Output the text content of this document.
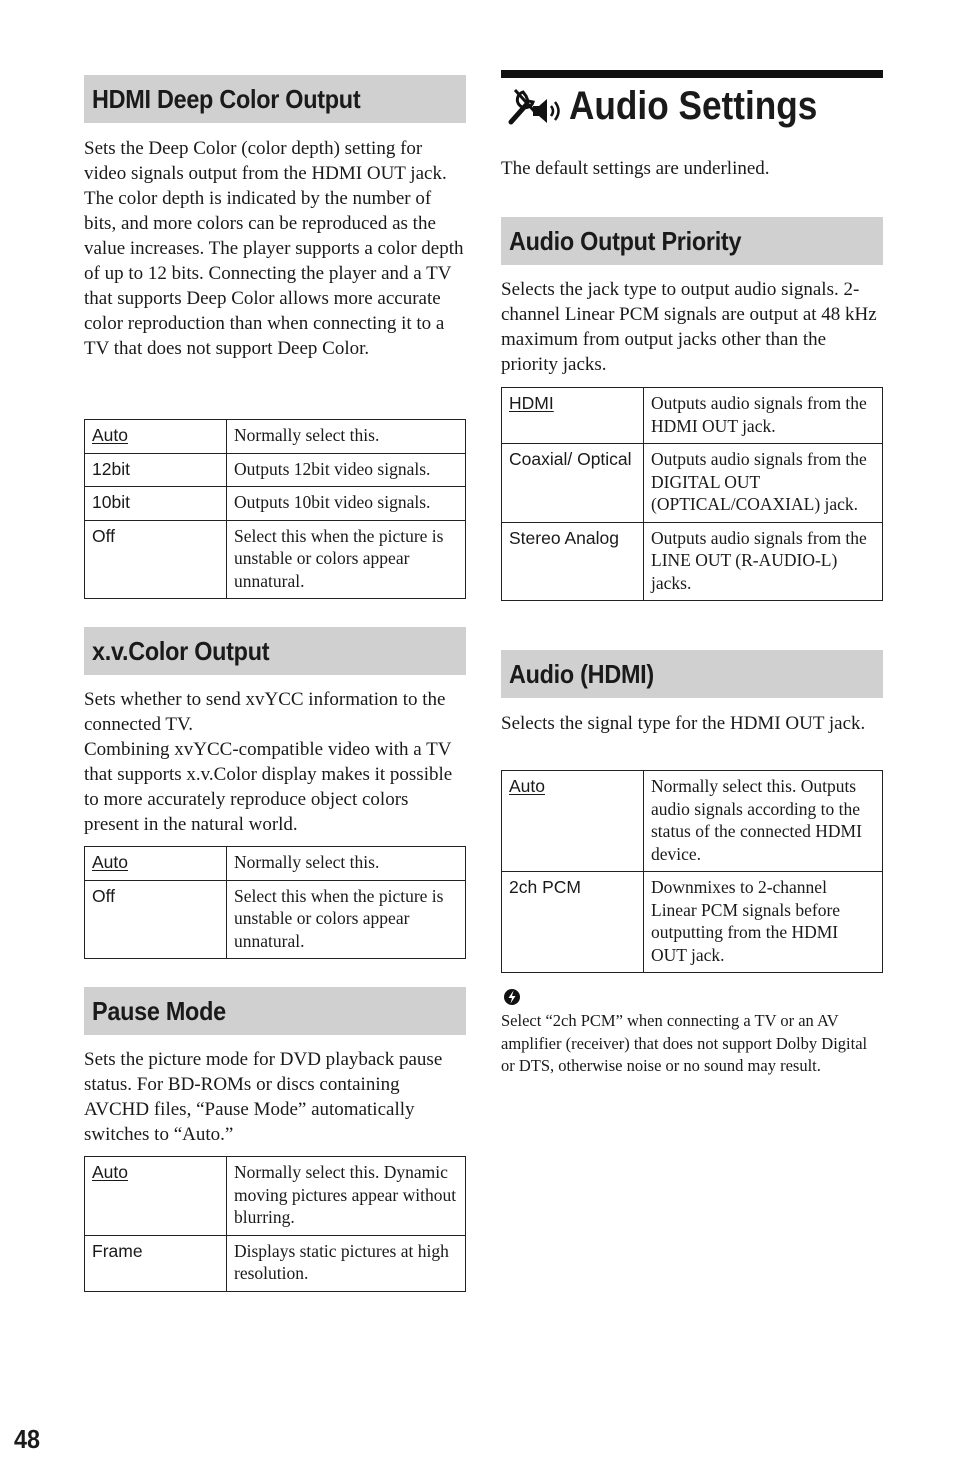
HDMI Deep Color Output

Sets the Deep Color (color depth) setting for video signals output from the HDMI OUT jack.

The color depth is indicated by the number of bits, and more colors can be reproduced as the value increases. The player supports a color depth of up to 12 bits. Connecting the player and a TV that supports Deep Color allows more accurate color reproduction than when connecting it to a TV that does not support Deep Color.

Auto	Normally select this.
12bit	Outputs 12bit video signals.
10bit	Outputs 10bit video signals.
Off	Select this when the picture is unstable or colors appear unnatural.
x.v.Color Output

Sets whether to send xvYCC information to the connected TV.

Combining xvYCC-compatible video with a TV that supports x.v.Color display makes it possible to more accurately reproduce object colors present in the natural world.

Auto	Normally select this.
Off	Select this when the picture is unstable or colors appear unnatural.
Pause Mode

Sets the picture mode for DVD playback pause status. For BD-ROMs or discs containing AVCHD files, “Pause Mode” automatically switches to “Auto.”

Auto	Normally select this. Dynamic moving pictures appear without blurring.
Frame	Displays static pictures at high resolution.
Audio Settings

The default settings are underlined.

Audio Output Priority

Selects the jack type to output audio signals. 2-channel Linear PCM signals are output at 48 kHz maximum from output jacks other than the priority jacks.

HDMI	Outputs audio signals from the HDMI OUT jack.
Coaxial/ Optical	Outputs audio signals from the DIGITAL OUT (OPTICAL/COAXIAL) jack.
Stereo Analog	Outputs audio signals from the LINE OUT (R-AUDIO-L) jacks.
Audio (HDMI)

Selects the signal type for the HDMI OUT jack.

Auto	Normally select this. Outputs audio signals according to the status of the connected HDMI device.
2ch PCM	Downmixes to 2-channel Linear PCM signals before outputting from the HDMI OUT jack.
Select “2ch PCM” when connecting a TV or an AV amplifier (receiver) that does not support Dolby Digital or DTS, otherwise noise or no sound may result.
48
